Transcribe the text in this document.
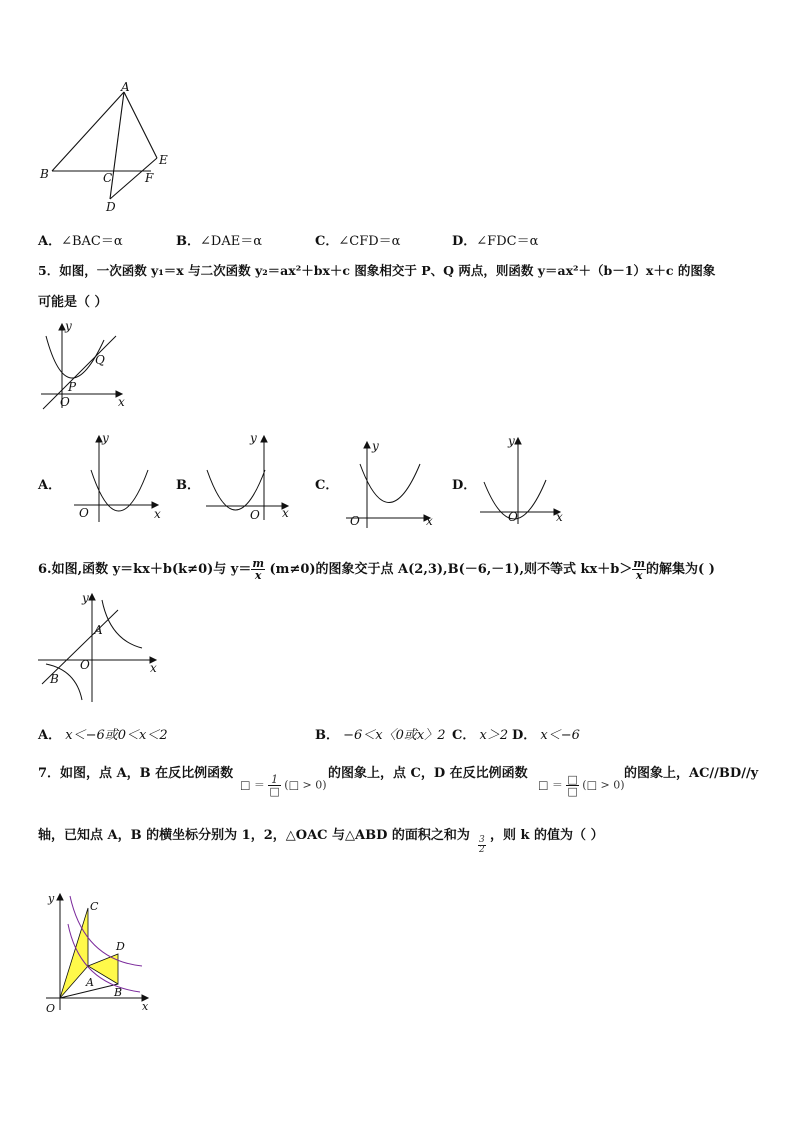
A
B	C
D
E
F
A．∠BAC＝α	B．∠DAE＝α	C．∠CFD＝α	D．∠FDC＝α
5．如图，一次函数 y₁＝x 与二次函数 y₂＝ax²＋bx＋c 图象相交于 P、Q 两点，则函数 y＝ax²＋（b－1）x＋c 的图象
可能是（ ）
y
x
O
P
Q
A．
y
x
O
B．
y
x
O
C．
y
x
O
D．
y
x
O
6.如图,函数 y＝kx＋b(k≠0)与 $y= \frac{m}{x} (m\ne 0)$的图象交于点 A(2,3),B(－6,－1),则不等式 $kx+b> \frac{m}{x}$ 的解集为( )
y
x
O
A
B
A． x＜−6或0＜x＜2	B． −6＜x〈0或x〉2 C． x＞2 D． x＜−6
7．如图，点 A，B 在反比例函数
□ ＝ $\frac{1}{□}$ (□ > 0)
的图象上，点 C，D 在反比例函数
□ ＝ $\frac{□}{□}$ (□ > 0)
的图象上，AC//BD//y
轴，已知点 A，B 的横坐标分别为 1，2，△OAC 与△ABD 的面积之和为
$\frac{3}{2}$
，则 k 的值为（ ）
y
x
O
C
D
A
B
